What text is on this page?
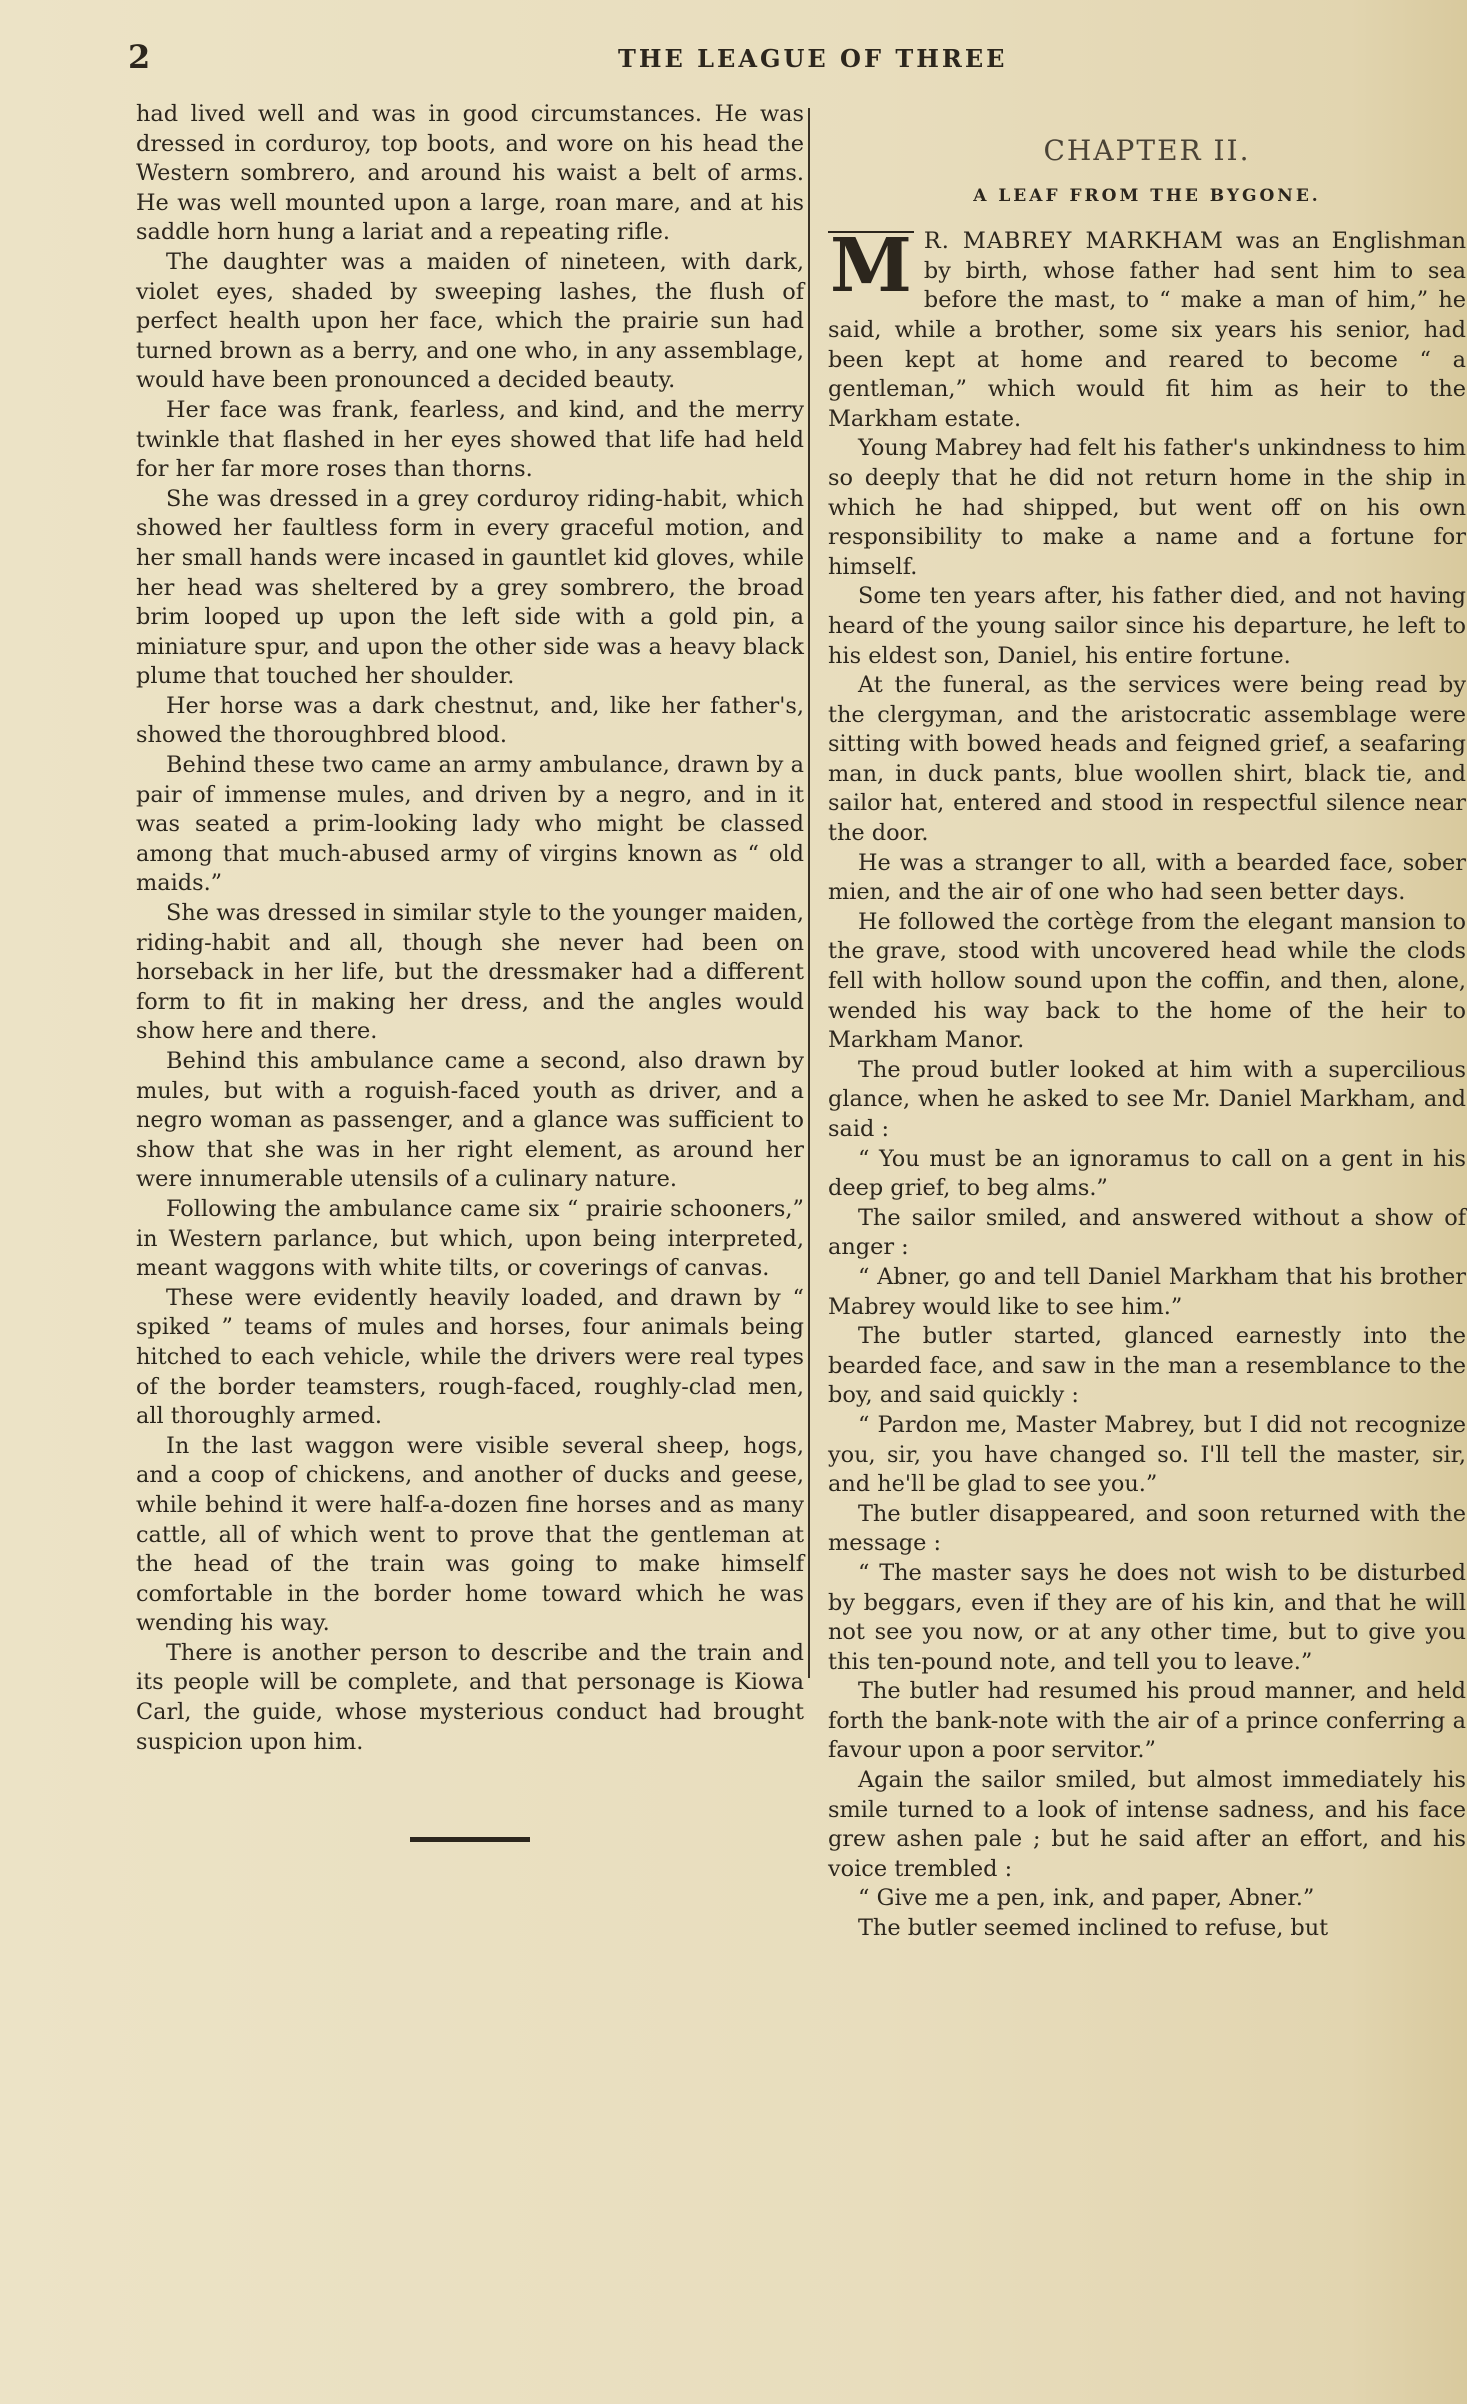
2	THE LEAGUE OF THREE

had lived well and was in good circumstances. He was dressed in corduroy, top boots, and wore on his head the Western sombrero, and around his waist a belt of arms. He was well mounted upon a large, roan mare, and at his saddle horn hung a lariat and a repeating rifle.

The daughter was a maiden of nineteen, with dark, violet eyes, shaded by sweeping lashes, the flush of perfect health upon her face, which the prairie sun had turned brown as a berry, and one who, in any assemblage, would have been pronounced a decided beauty.

Her face was frank, fearless, and kind, and the merry twinkle that flashed in her eyes showed that life had held for her far more roses than thorns.

She was dressed in a grey corduroy riding-habit, which showed her faultless form in every graceful motion, and her small hands were incased in gauntlet kid gloves, while her head was sheltered by a grey sombrero, the broad brim looped up upon the left side with a gold pin, a miniature spur, and upon the other side was a heavy black plume that touched her shoulder.

Her horse was a dark chestnut, and, like her father's, showed the thoroughbred blood.

Behind these two came an army ambulance, drawn by a pair of immense mules, and driven by a negro, and in it was seated a prim-looking lady who might be classed among that much-abused army of virgins known as “ old maids.”

She was dressed in similar style to the younger maiden, riding-habit and all, though she never had been on horseback in her life, but the dressmaker had a different form to fit in making her dress, and the angles would show here and there.

Behind this ambulance came a second, also drawn by mules, but with a roguish-faced youth as driver, and a negro woman as passenger, and a glance was sufficient to show that she was in her right element, as around her were innumerable utensils of a culinary nature.

Following the ambulance came six “ prairie schooners,” in Western parlance, but which, upon being interpreted, meant waggons with white tilts, or coverings of canvas.

These were evidently heavily loaded, and drawn by “ spiked ” teams of mules and horses, four animals being hitched to each vehicle, while the drivers were real types of the border teamsters, rough-faced, roughly-clad men, all thoroughly armed.

In the last waggon were visible several sheep, hogs, and a coop of chickens, and another of ducks and geese, while behind it were half-a-dozen fine horses and as many cattle, all of which went to prove that the gentleman at the head of the train was going to make himself comfortable in the border home toward which he was wending his way.

There is another person to describe and the train and its people will be complete, and that personage is Kiowa Carl, the guide, whose mysterious conduct had brought suspicion upon him.

CHAPTER II.
A LEAF FROM THE BYGONE.

M R. MABREY MARKHAM was an Englishman by birth, whose father had sent him to sea before the mast, to “ make a man of him,” he said, while a brother, some six years his senior, had been kept at home and reared to become “ a gentleman,” which would fit him as heir to the Markham estate.

Young Mabrey had felt his father's unkindness to him so deeply that he did not return home in the ship in which he had shipped, but went off on his own responsibility to make a name and a fortune for himself.

Some ten years after, his father died, and not having heard of the young sailor since his departure, he left to his eldest son, Daniel, his entire fortune.

At the funeral, as the services were being read by the clergyman, and the aristocratic assemblage were sitting with bowed heads and feigned grief, a seafaring man, in duck pants, blue woollen shirt, black tie, and sailor hat, entered and stood in respectful silence near the door.

He was a stranger to all, with a bearded face, sober mien, and the air of one who had seen better days.

He followed the cortège from the elegant mansion to the grave, stood with uncovered head while the clods fell with hollow sound upon the coffin, and then, alone, wended his way back to the home of the heir to Markham Manor.

The proud butler looked at him with a supercilious glance, when he asked to see Mr. Daniel Markham, and said :

“ You must be an ignoramus to call on a gent in his deep grief, to beg alms.”

The sailor smiled, and answered without a show of anger :

“ Abner, go and tell Daniel Markham that his brother Mabrey would like to see him.”

The butler started, glanced earnestly into the bearded face, and saw in the man a resemblance to the boy, and said quickly :

“ Pardon me, Master Mabrey, but I did not recognize you, sir, you have changed so. I'll tell the master, sir, and he'll be glad to see you.”

The butler disappeared, and soon returned with the message :

“ The master says he does not wish to be disturbed by beggars, even if they are of his kin, and that he will not see you now, or at any other time, but to give you this ten-pound note, and tell you to leave.”

The butler had resumed his proud manner, and held forth the bank-note with the air of a prince conferring a favour upon a poor servitor.”

Again the sailor smiled, but almost immediately his smile turned to a look of intense sadness, and his face grew ashen pale ; but he said after an effort, and his voice trembled :

“ Give me a pen, ink, and paper, Abner.”

The butler seemed inclined to refuse, but
